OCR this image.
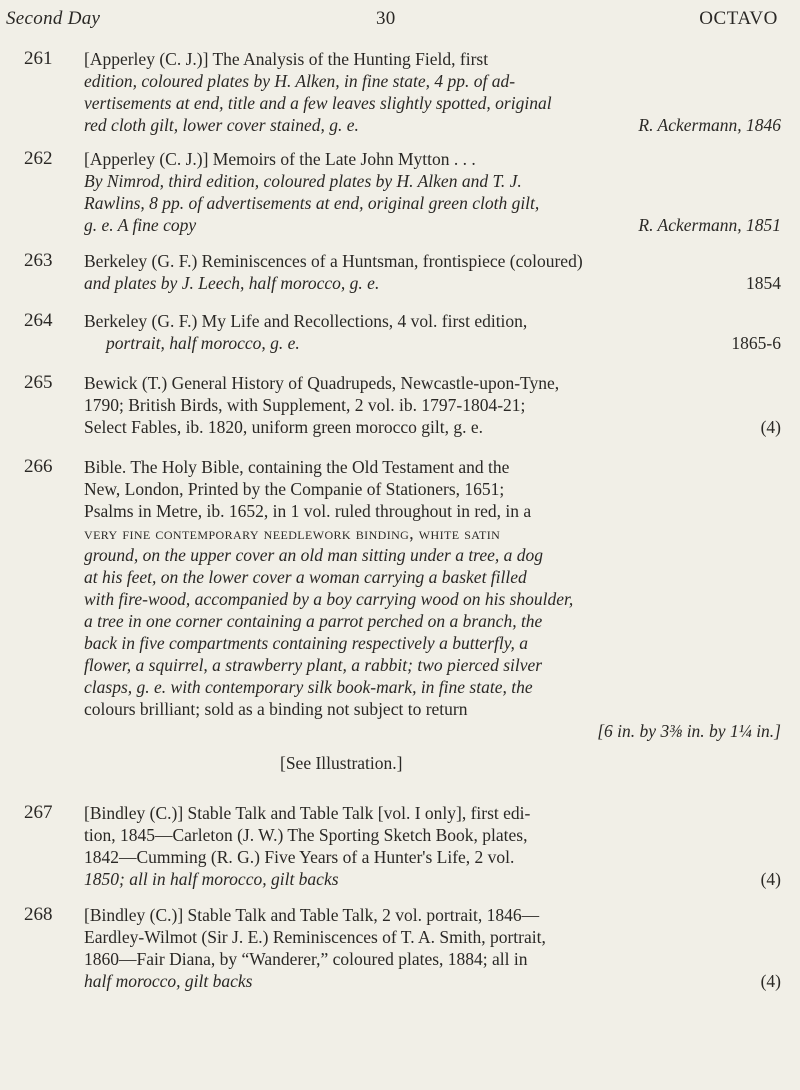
Second Day	30	OCTAVO
261	[Apperley (C. J.)] The Analysis of the Hunting Field, first
edition, coloured plates by H. Alken, in fine state, 4 pp. of ad-
vertisements at end, title and a few leaves slightly spotted, original
red cloth gilt, lower cover stained, g. e.	R. Ackermann, 1846
262	[Apperley (C. J.)] Memoirs of the Late John Mytton . . .
By Nimrod, third edition, coloured plates by H. Alken and T. J.
Rawlins, 8 pp. of advertisements at end, original green cloth gilt,
g. e. A fine copy	R. Ackermann, 1851
263	Berkeley (G. F.) Reminiscences of a Huntsman, frontispiece (coloured)
and plates by J. Leech, half morocco, g. e.	1854
264	Berkeley (G. F.) My Life and Recollections, 4 vol. first edition,
portrait, half morocco, g. e.	1865-6
265	Bewick (T.) General History of Quadrupeds, Newcastle-upon-Tyne,
1790; British Birds, with Supplement, 2 vol. ib. 1797-1804-21;
Select Fables, ib. 1820, uniform green morocco gilt, g. e.	(4)
266	Bible. The Holy Bible, containing the Old Testament and the
New, London, Printed by the Companie of Stationers, 1651;
Psalms in Metre, ib. 1652, in 1 vol. ruled throughout in red, in a
very fine contemporary needlework binding, white satin
ground, on the upper cover an old man sitting under a tree, a dog
at his feet, on the lower cover a woman carrying a basket filled
with fire-wood, accompanied by a boy carrying wood on his shoulder,
a tree in one corner containing a parrot perched on a branch, the
back in five compartments containing respectively a butterfly, a
flower, a squirrel, a strawberry plant, a rabbit; two pierced silver
clasps, g. e. with contemporary silk book-mark, in fine state, the
colours brilliant; sold as a binding not subject to return
[6 in. by 3⅜ in. by 1¼ in.]

[See Illustration.]
267	[Bindley (C.)] Stable Talk and Table Talk [vol. I only], first edi-
tion, 1845—Carleton (J. W.) The Sporting Sketch Book, plates,
1842—Cumming (R. G.) Five Years of a Hunter's Life, 2 vol.
1850; all in half morocco, gilt backs	(4)
268	[Bindley (C.)] Stable Talk and Table Talk, 2 vol. portrait, 1846—
Eardley-Wilmot (Sir J. E.) Reminiscences of T. A. Smith, portrait,
1860—Fair Diana, by “Wanderer,” coloured plates, 1884; all in
half morocco, gilt backs	(4)
